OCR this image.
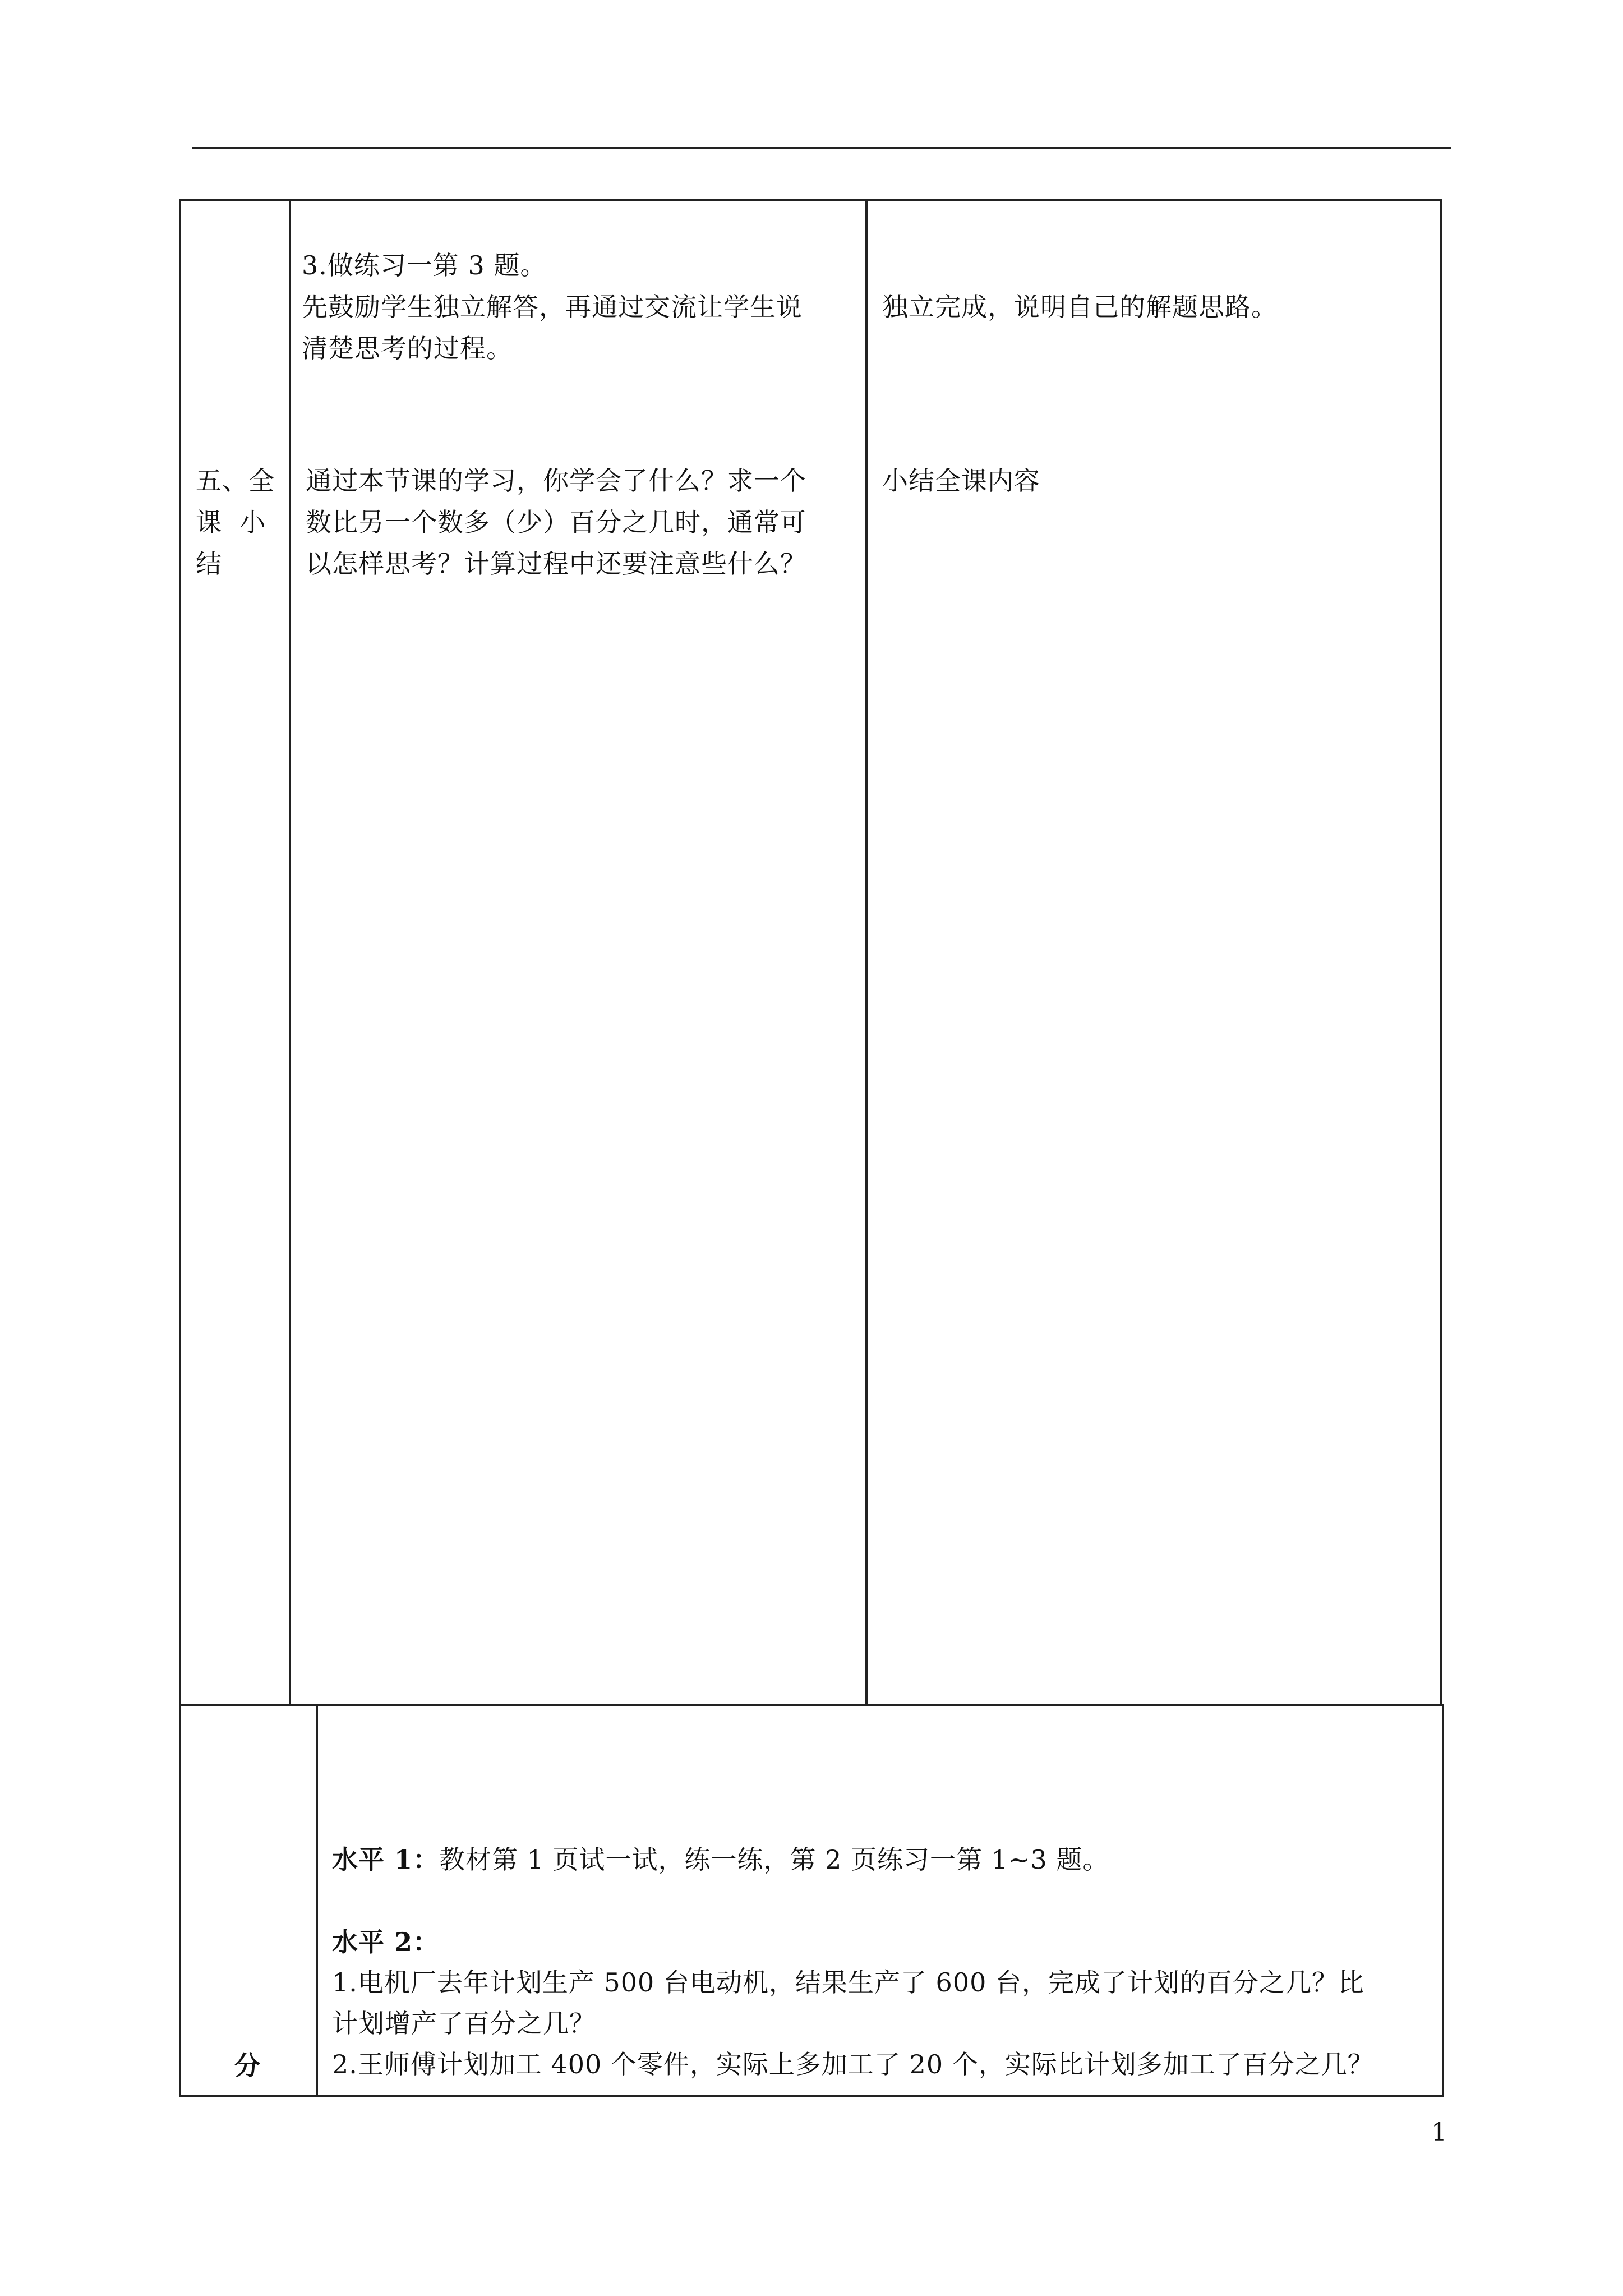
五、全
课  小
结
3.做练习一第 3 题。
先鼓励学生独立解答，再通过交流让学生说
清楚思考的过程。
独立完成，说明自己的解题思路。
通过本节课的学习，你学会了什么？求一个
数比另一个数多（少）百分之几时，通常可
以怎样思考？计算过程中还要注意些什么？
小结全课内容
分
水平 1：教材第 1 页试一试，练一练，第 2 页练习一第 1~3 题。
水平 2：
1.电机厂去年计划生产 500 台电动机，结果生产了 600 台，完成了计划的百分之几？比
计划增产了百分之几？
2.王师傅计划加工 400 个零件，实际上多加工了 20 个，实际比计划多加工了百分之几？
1
